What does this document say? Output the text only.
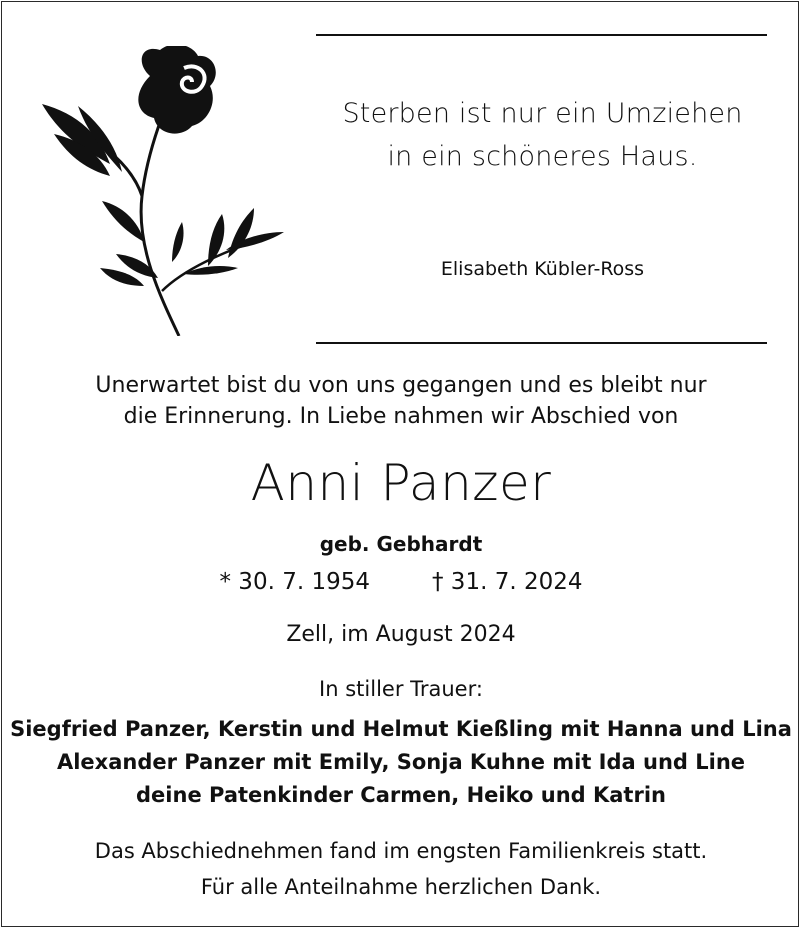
Sterben ist nur ein Umziehen
in ein schöneres Haus.
Elisabeth Kübler-Ross
Unerwartet bist du von uns gegangen und es bleibt nur
die Erinnerung. In Liebe nahmen wir Abschied von
Anni Panzer
geb. Gebhardt
* 30. 7. 1954	† 31. 7. 2024
Zell, im August 2024
In stiller Trauer:
Siegfried Panzer, Kerstin und Helmut Kießling mit Hanna und Lina
Alexander Panzer mit Emily, Sonja Kuhne mit Ida und Line
deine Patenkinder Carmen, Heiko und Katrin
Das Abschiednehmen fand im engsten Familienkreis statt.
Für alle Anteilnahme herzlichen Dank.
